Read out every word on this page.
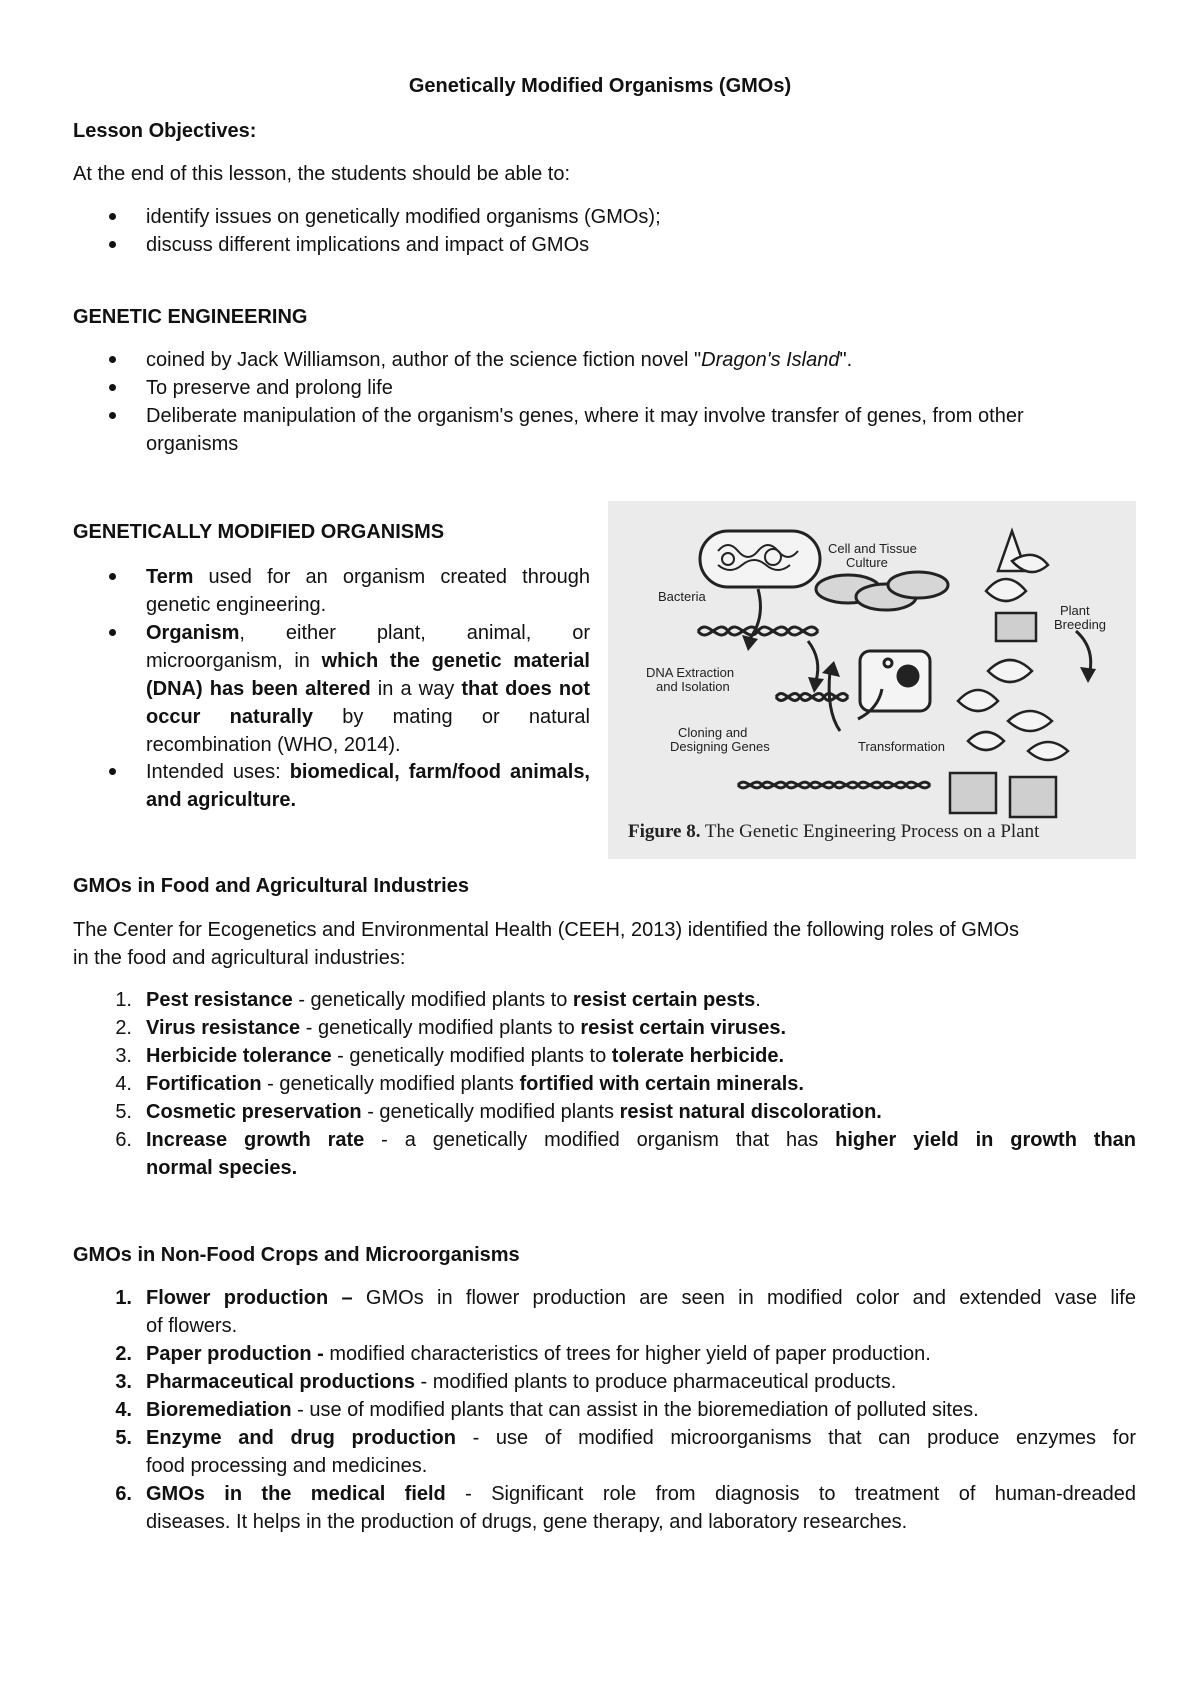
Genetically Modified Organisms (GMOs)
Lesson Objectives:
At the end of this lesson, the students should be able to:
identify issues on genetically modified organisms (GMOs);
discuss different implications and impact of GMOs
GENETIC ENGINEERING
coined by Jack Williamson, author of the science fiction novel "Dragon's Island".
To preserve and prolong life
Deliberate manipulation of the organism's genes, where it may involve transfer of genes, from other
organisms
GENETICALLY MODIFIED ORGANISMS
Term used for an organism created through genetic engineering.
Organism, either plant, animal, or microorganism, in which the genetic material (DNA) has been altered in a way that does not occur naturally by mating or natural recombination (WHO, 2014).
Intended uses: biomedical, farm/food animals, and agriculture.
Bacteria
Cell and Tissue
Culture
Plant
Breeding
DNA Extraction
and Isolation
Cloning and
Designing Genes	Transformation
Figure 8. The Genetic Engineering Process on a Plant
GMOs in Food and Agricultural Industries
The Center for Ecogenetics and Environmental Health (CEEH, 2013) identified the following roles of GMOs
in the food and agricultural industries:
1. Pest resistance - genetically modified plants to resist certain pests.
2. Virus resistance - genetically modified plants to resist certain viruses.
3. Herbicide tolerance - genetically modified plants to tolerate herbicide.
4. Fortification - genetically modified plants fortified with certain minerals.
5. Cosmetic preservation - genetically modified plants resist natural discoloration.
6. Increase growth rate - a genetically modified organism that has higher yield in growth than
normal species.
GMOs in Non-Food Crops and Microorganisms
1. Flower production – GMOs in flower production are seen in modified color and extended vase life
of flowers.
2. Paper production - modified characteristics of trees for higher yield of paper production.
3. Pharmaceutical productions - modified plants to produce pharmaceutical products.
4. Bioremediation - use of modified plants that can assist in the bioremediation of polluted sites.
5. Enzyme and drug production - use of modified microorganisms that can produce enzymes for
food processing and medicines.
6. GMOs in the medical field - Significant role from diagnosis to treatment of human-dreaded
diseases. It helps in the production of drugs, gene therapy, and laboratory researches.
